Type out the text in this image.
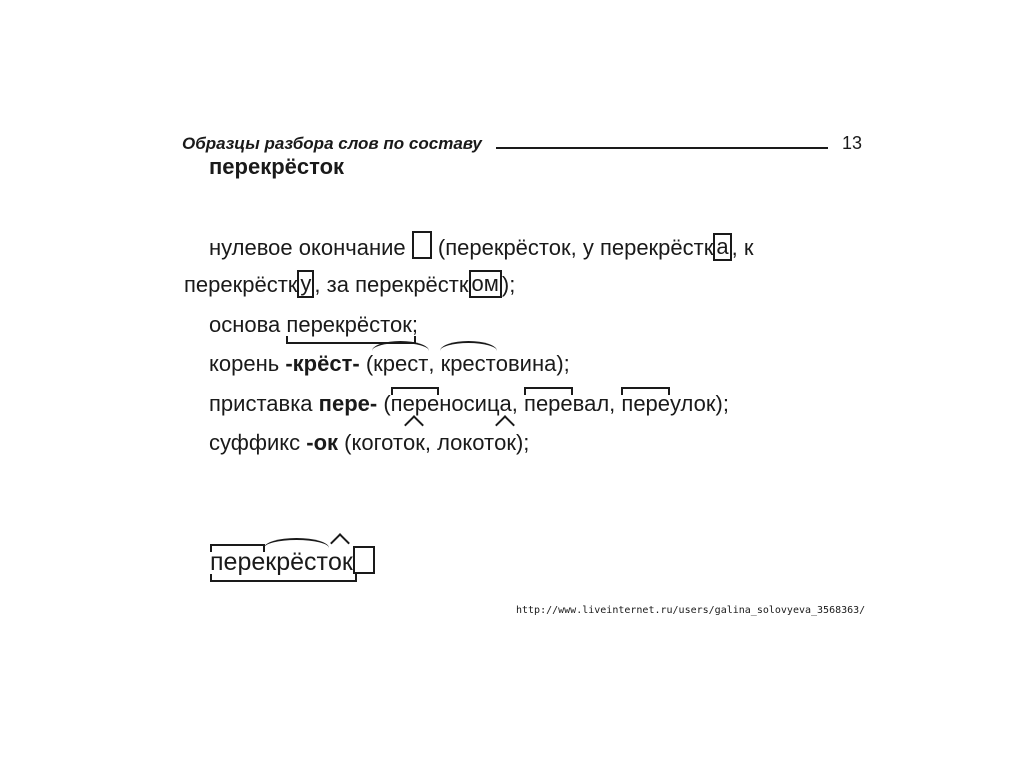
Образцы разбора слов по составу	13
перекрёсток
нулевое окончание (перекрёсток, у перекрёстк а , к
перекрёстк у , за перекрёстк ом );
основа перекрёсток;
корень -крёст- (крест, крестовина);
приставка пере- (переносица, перевал, переулок);
суффикс -ок (коготок, локоток);
перекрёсток
http://www.liveinternet.ru/users/galina_solovyeva_3568363/
